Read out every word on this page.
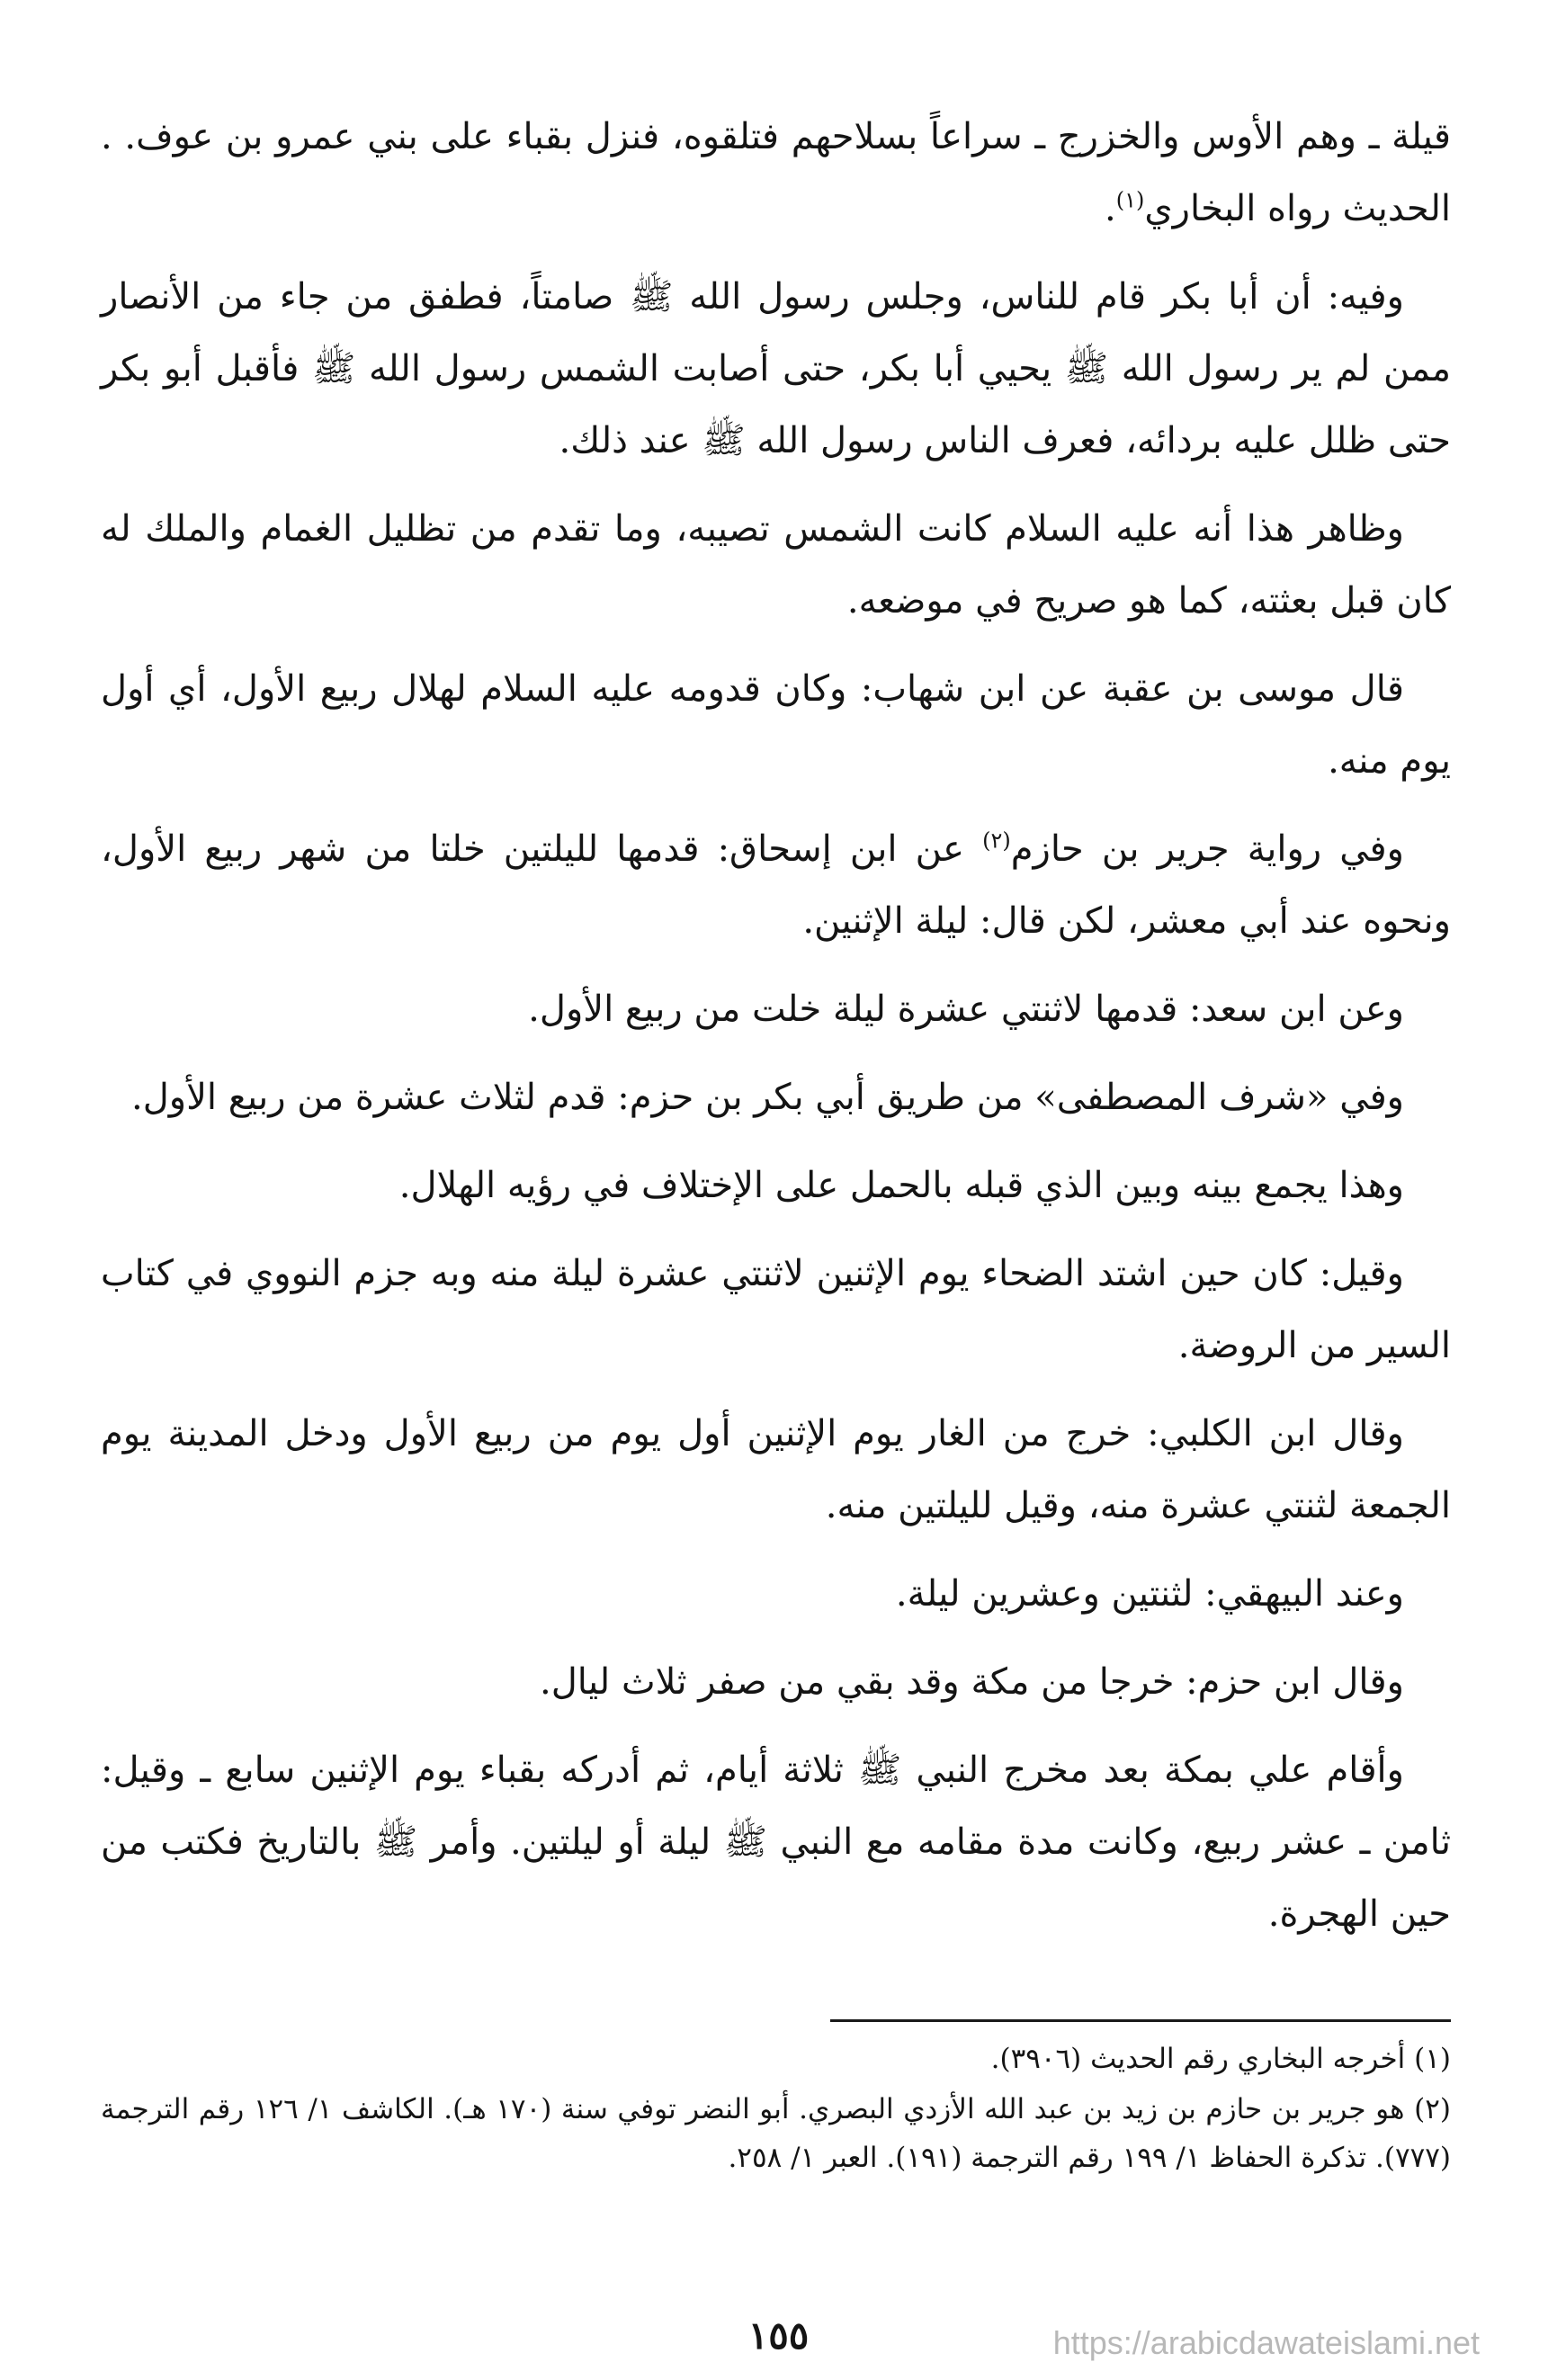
قيلة ـ وهم الأوس والخزرج ـ سراعاً بسلاحهم فتلقوه، فنزل بقباء على بني عمرو بن عوف. . الحديث رواه البخاري$^{(١)}$.

وفيه: أن أبا بكر قام للناس، وجلس رسول الله ﷺ صامتاً، فطفق من جاء من الأنصار ممن لم ير رسول الله ﷺ يحيي أبا بكر، حتى أصابت الشمس رسول الله ﷺ فأقبل أبو بكر حتى ظلل عليه بردائه، فعرف الناس رسول الله ﷺ عند ذلك.

وظاهر هذا أنه عليه السلام كانت الشمس تصيبه، وما تقدم من تظليل الغمام والملك له كان قبل بعثته، كما هو صريح في موضعه.

قال موسى بن عقبة عن ابن شهاب: وكان قدومه عليه السلام لهلال ربيع الأول، أي أول يوم منه.

وفي رواية جرير بن حازم$^{(٢)}$ عن ابن إسحاق: قدمها لليلتين خلتا من شهر ربيع الأول، ونحوه عند أبي معشر، لكن قال: ليلة الإثنين.

وعن ابن سعد: قدمها لاثنتي عشرة ليلة خلت من ربيع الأول.

وفي «شرف المصطفى» من طريق أبي بكر بن حزم: قدم لثلاث عشرة من ربيع الأول.

وهذا يجمع بينه وبين الذي قبله بالحمل على الإختلاف في رؤيه الهلال.

وقيل: كان حين اشتد الضحاء يوم الإثنين لاثنتي عشرة ليلة منه وبه جزم النووي في كتاب السير من الروضة.

وقال ابن الكلبي: خرج من الغار يوم الإثنين أول يوم من ربيع الأول ودخل المدينة يوم الجمعة لثنتي عشرة منه، وقيل لليلتين منه.

وعند البيهقي: لثنتين وعشرين ليلة.

وقال ابن حزم: خرجا من مكة وقد بقي من صفر ثلاث ليال.

وأقام علي بمكة بعد مخرج النبي ﷺ ثلاثة أيام، ثم أدركه بقباء يوم الإثنين سابع ـ وقيل: ثامن ـ عشر ربيع، وكانت مدة مقامه مع النبي ﷺ ليلة أو ليلتين. وأمر ﷺ بالتاريخ فكتب من حين الهجرة.

(١) أخرجه البخاري رقم الحديث (٣٩٠٦).

(٢) هو جرير بن حازم بن زيد بن عبد الله الأزدي البصري. أبو النضر توفي سنة (١٧٠ هـ). الكاشف ١/ ١٢٦ رقم الترجمة (٧٧٧). تذكرة الحفاظ ١/ ١٩٩ رقم الترجمة (١٩١). العبر ١/ ٢٥٨.

١٥٥	https://arabicdawateislami.net
